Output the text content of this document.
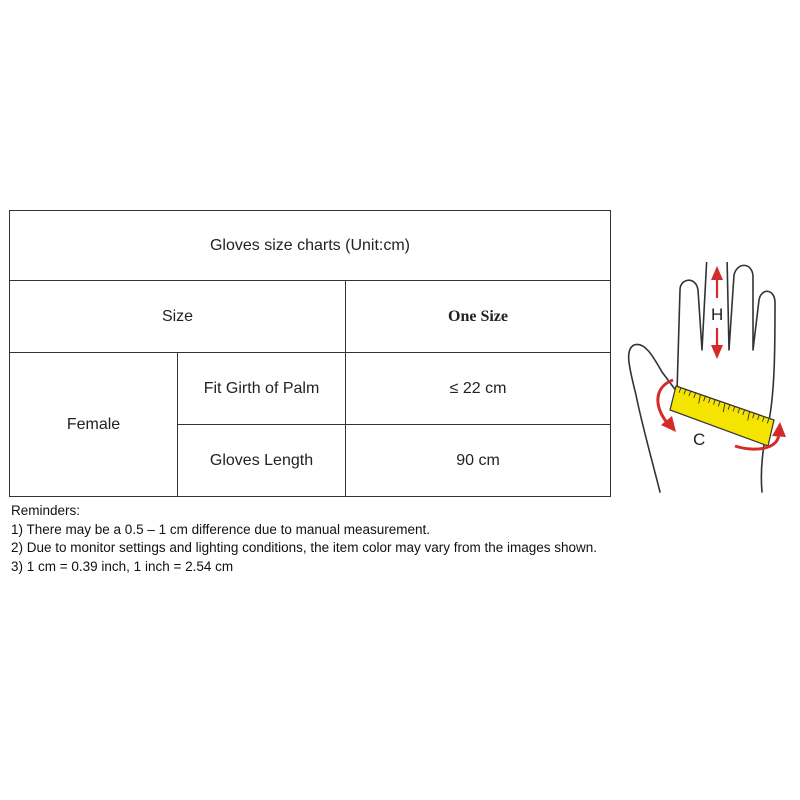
Gloves size charts (Unit:cm)		
Size		One Size
Female	Fit Girth of Palm	≤ 22 cm
	Gloves Length	90 cm

Reminders:

1) There may be a 0.5 – 1 cm difference due to manual measurement.

2) Due to monitor settings and lighting conditions, the item color may vary from the images shown.

3) 1 cm = 0.39 inch, 1 inch = 2.54 cm

H
C
